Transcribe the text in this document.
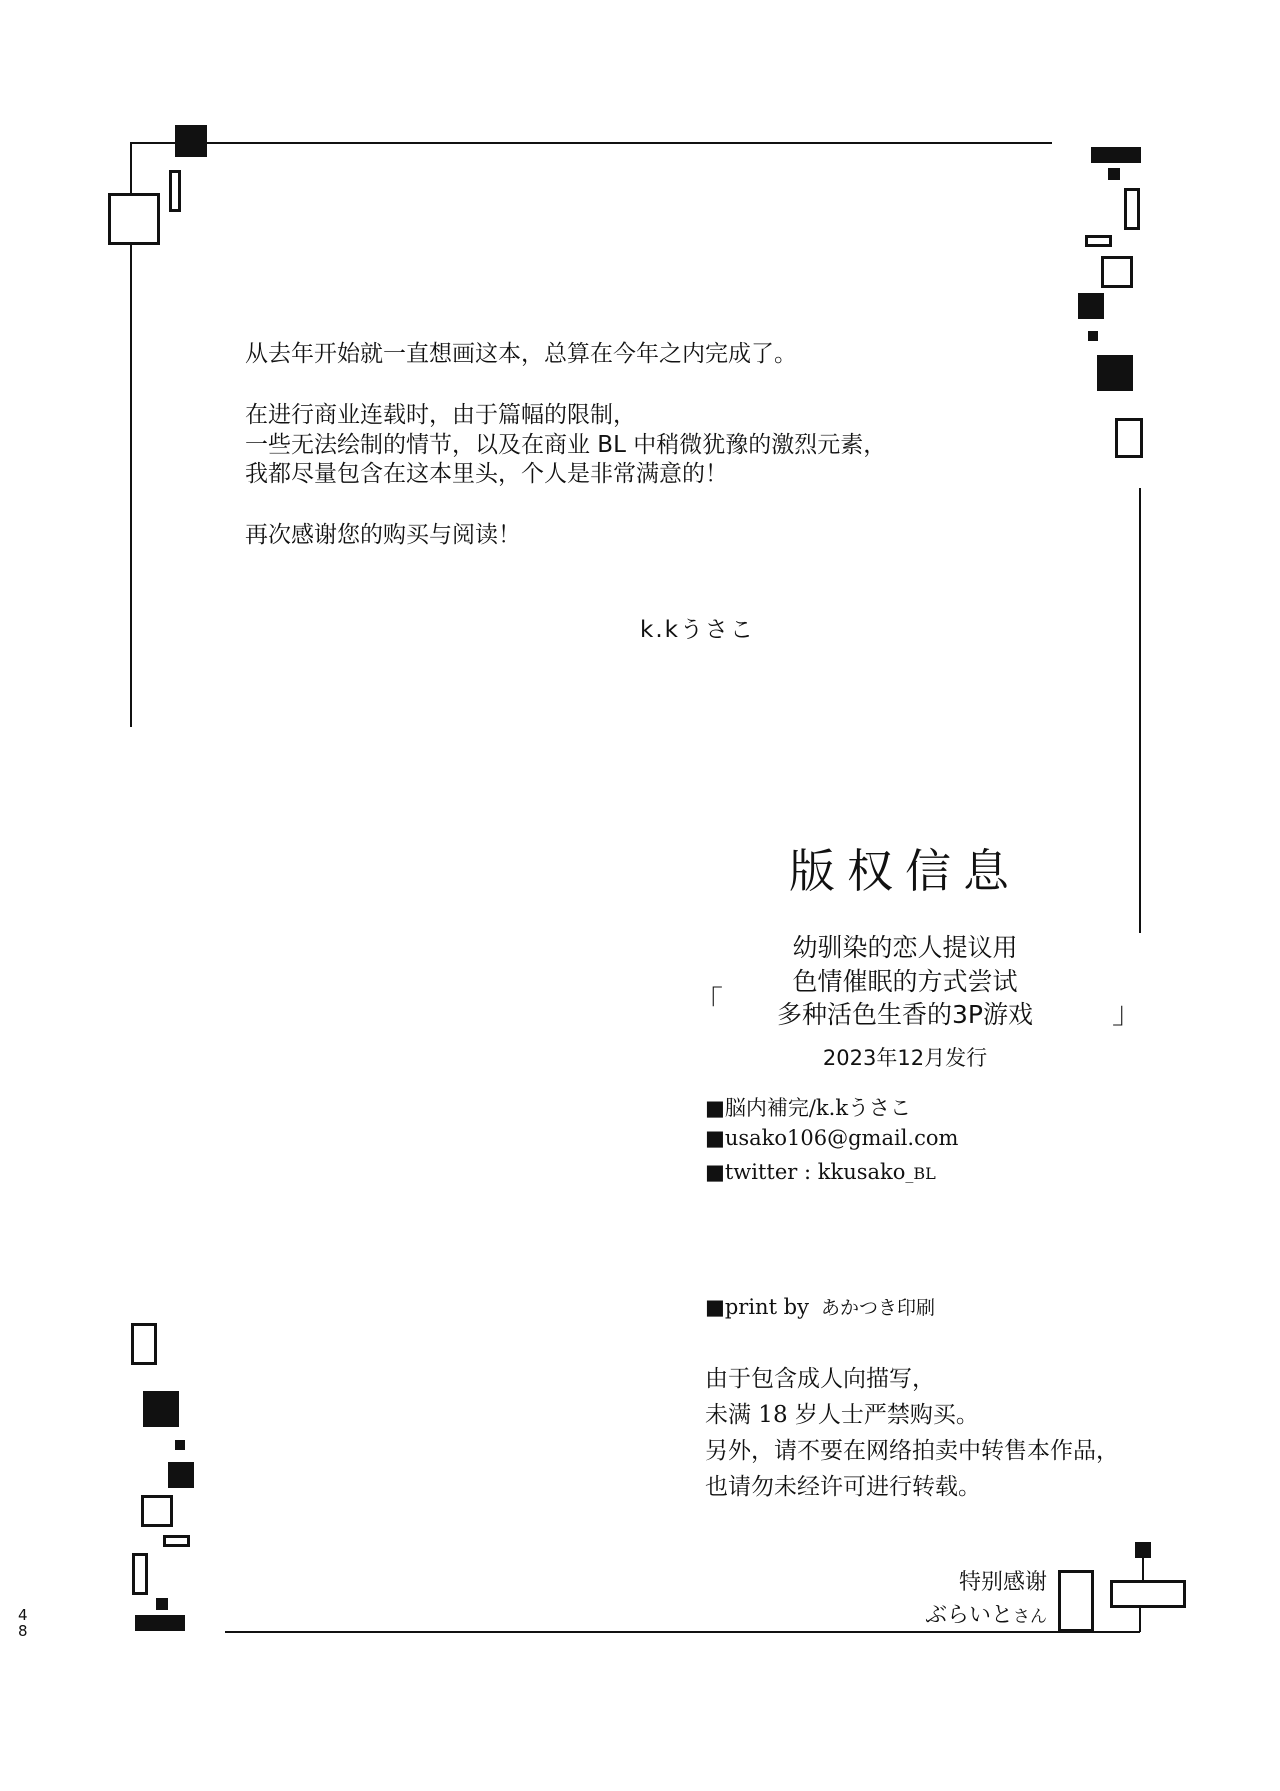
从去年开始就一直想画这本，总算在今年之内完成了。
在进行商业连载时，由于篇幅的限制，
一些无法绘制的情节，以及在商业 BL 中稍微犹豫的激烈元素，
我都尽量包含在这本里头，个人是非常满意的！
再次感谢您的购买与阅读！
k.kうさこ
版权信息
幼驯染的恋人提议用
色情催眠的方式尝试
多种活色生香的3P游戏
「	」
2023年12月发行
■脳内補完/k.kうさこ
■usako106@gmail.com
■twitter : kkusako_BL
■print by あかつき印刷
由于包含成人向描写，
未满 18 岁人士严禁购买。
另外，请不要在网络拍卖中转售本作品，
也请勿未经许可进行转载。
特别感谢
ぶらいとさん
4
8
